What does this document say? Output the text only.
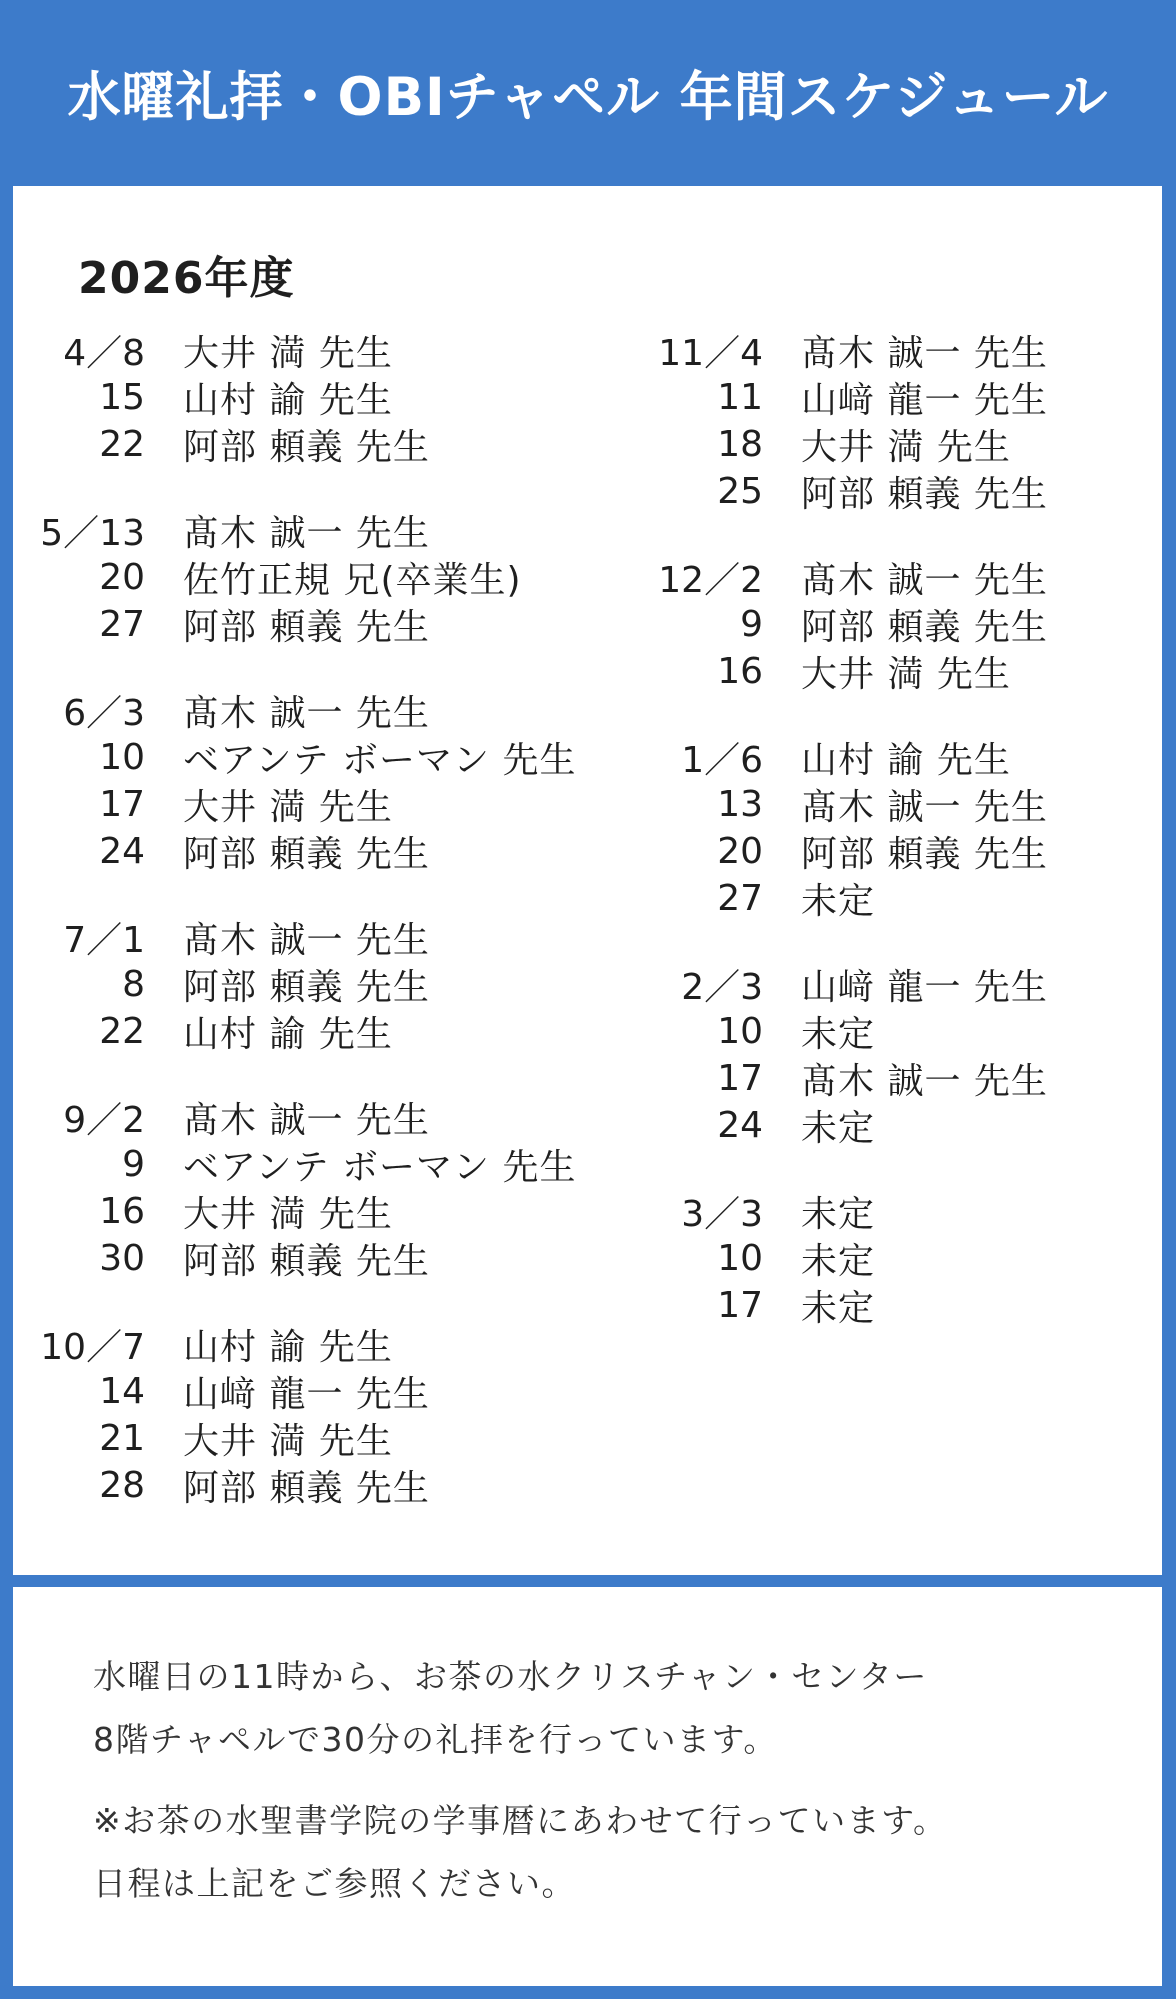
水曜礼拝・OBIチャペル 年間スケジュール
2026年度
4／8	大井 満 先生
15	山村 諭 先生
22	阿部 頼義 先生
5／13	髙木 誠一 先生
20	佐竹正規 兄(卒業生)
27	阿部 頼義 先生
6／3	髙木 誠一 先生
10	ベアンテ ボーマン 先生
17	大井 満 先生
24	阿部 頼義 先生
7／1	髙木 誠一 先生
8	阿部 頼義 先生
22	山村 諭 先生
9／2	髙木 誠一 先生
9	ベアンテ ボーマン 先生
16	大井 満 先生
30	阿部 頼義 先生
10／7	山村 諭 先生
14	山﨑 龍一 先生
21	大井 満 先生
28	阿部 頼義 先生
11／4	髙木 誠一 先生
11	山﨑 龍一 先生
18	大井 満 先生
25	阿部 頼義 先生
12／2	髙木 誠一 先生
9	阿部 頼義 先生
16	大井 満 先生
1／6	山村 諭 先生
13	髙木 誠一 先生
20	阿部 頼義 先生
27	未定
2／3	山﨑 龍一 先生
10	未定
17	髙木 誠一 先生
24	未定
3／3	未定
10	未定
17	未定
水曜日の11時から、お茶の水クリスチャン・センター
8階チャペルで30分の礼拝を行っています。
※お茶の水聖書学院の学事暦にあわせて行っています。
日程は上記をご参照ください。
